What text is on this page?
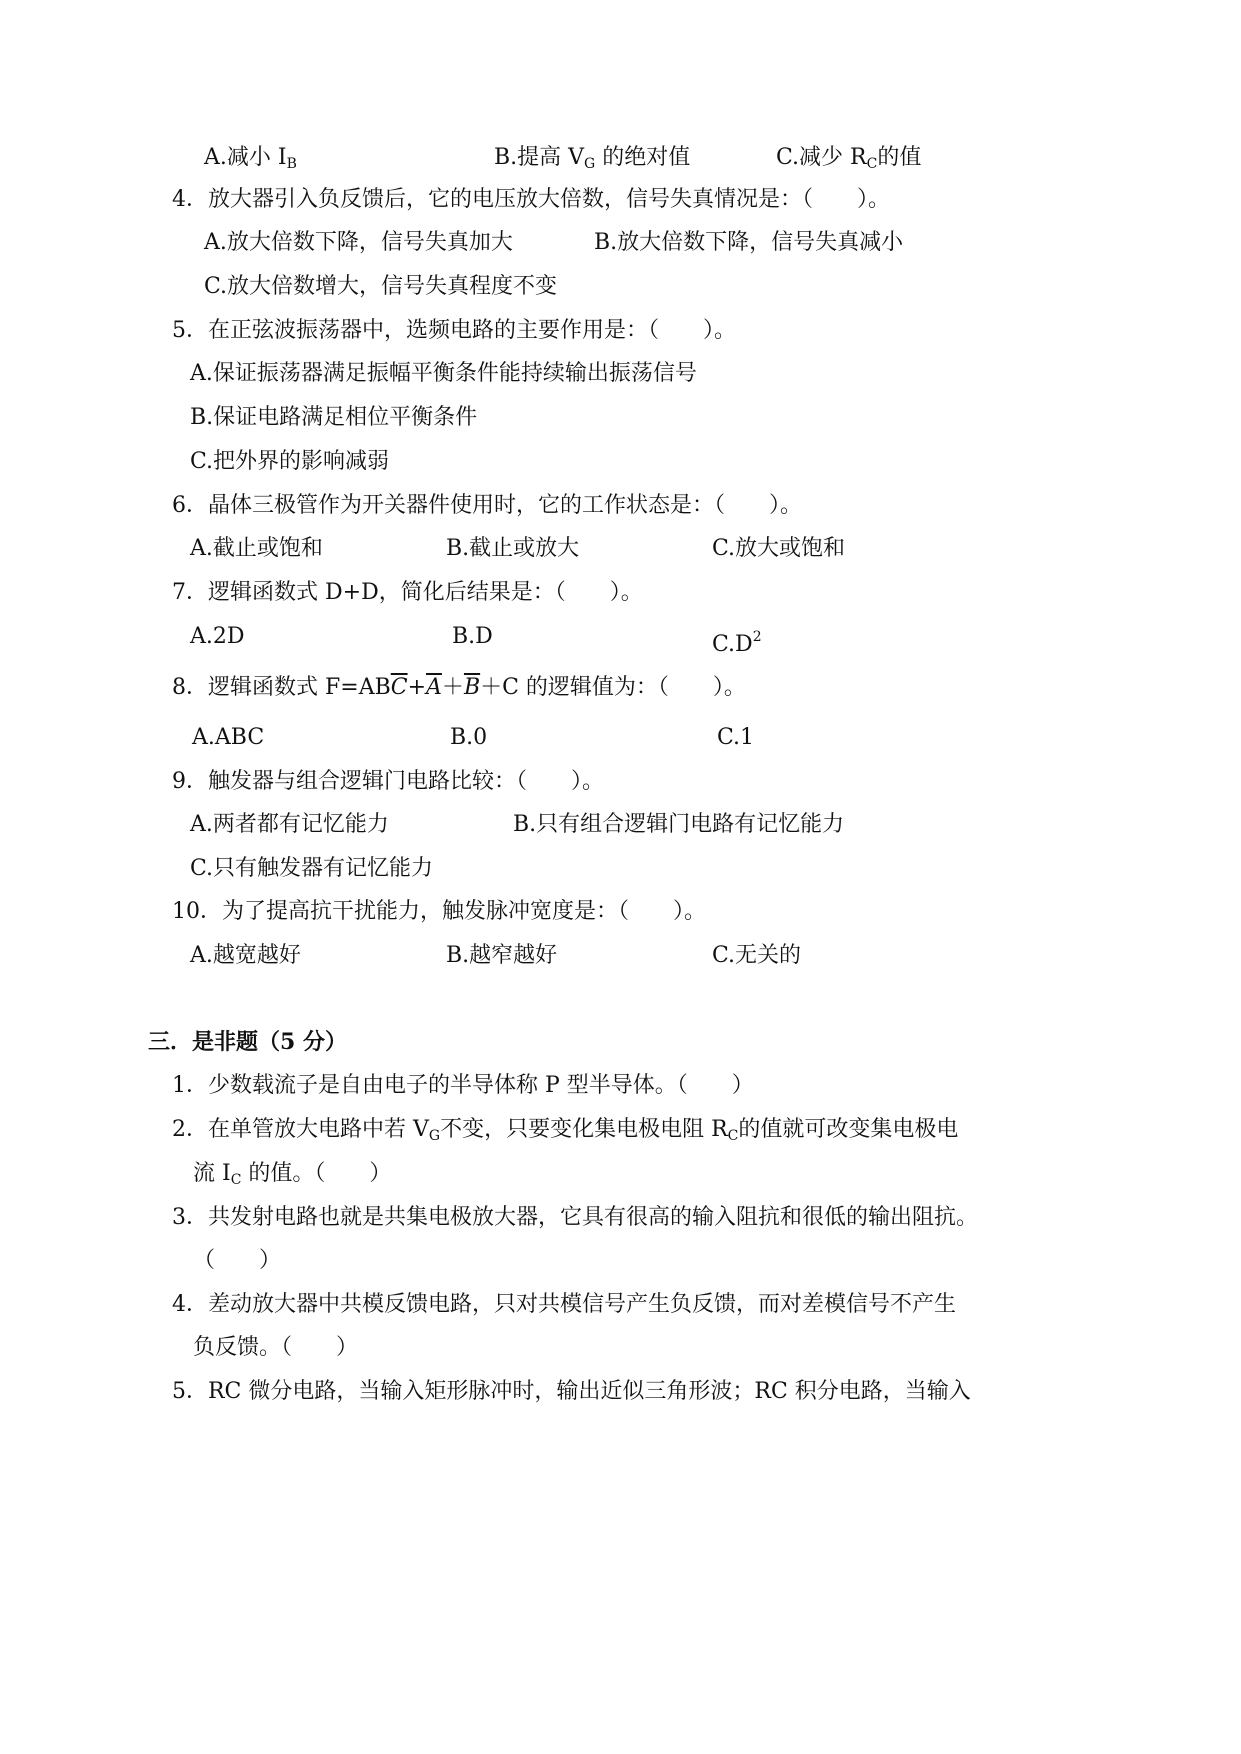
A.减小 $I_B$	B.提高 $V_G$ 的绝对值	C.减少 $R_C$的值
4．放大器引入负反馈后，它的电压放大倍数，信号失真情况是：（　　）。
A.放大倍数下降，信号失真加大	B.放大倍数下降，信号失真减小
C.放大倍数增大，信号失真程度不变
5．在正弦波振荡器中，选频电路的主要作用是：（　　）。
A.保证振荡器满足振幅平衡条件能持续输出振荡信号
B.保证电路满足相位平衡条件
C.把外界的影响减弱
6．晶体三极管作为开关器件使用时，它的工作状态是：（　　）。
A.截止或饱和	B.截止或放大	C.放大或饱和
7．逻辑函数式 D+D，简化后结果是：（　　）。
A.2D	B.D	$C.D^2$
8．逻辑函数式 $F=AB\overline{C}+\overline{A}+\overline{B}+C$ 的逻辑值为：（　　）。
A.ABC	B.0	C.1
9．触发器与组合逻辑门电路比较：（　　）。
A.两者都有记忆能力	B.只有组合逻辑门电路有记忆能力
C.只有触发器有记忆能力
10．为了提高抗干扰能力，触发脉冲宽度是：（　　）。
A.越宽越好	B.越窄越好	C.无关的
三．是非题（5 分）
1．少数载流子是自由电子的半导体称 P 型半导体。（　　）
2．在单管放大电路中若 $V_G$不变，只要变化集电极电阻 $R_C$的值就可改变集电极电
流 $I_C$ 的值。（　　）
3．共发射电路也就是共集电极放大器，它具有很高的输入阻抗和很低的输出阻抗。
（　　）
4．差动放大器中共模反馈电路，只对共模信号产生负反馈，而对差模信号不产生
负反馈。（　　）
5．RC 微分电路，当输入矩形脉冲时，输出近似三角形波；RC 积分电路，当输入
